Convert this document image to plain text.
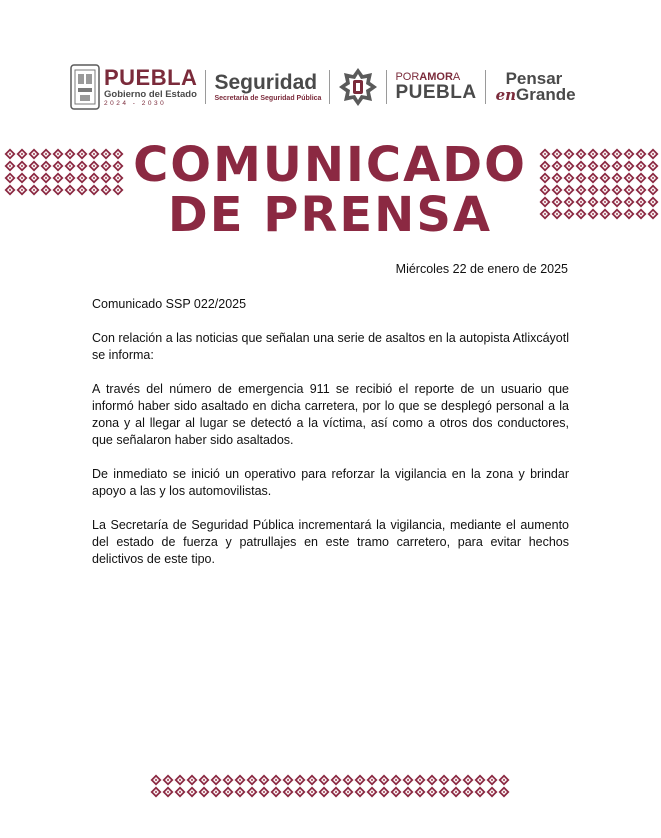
PUEBLA
Gobierno del Estado
2024 - 2030
Seguridad
Secretaría de Seguridad Pública
PORAMORA
PUEBLA
Pensar
enGrande
COMUNICADO
DE PRENSA
Miércoles 22 de enero de 2025

Comunicado SSP 022/2025

Con relación a las noticias que señalan una serie de asaltos en la autopista Atlixcáyotl se informa:

A través del número de emergencia 911 se recibió el reporte de un usuario que informó haber sido asaltado en dicha carretera, por lo que se desplegó personal a la zona y al llegar al lugar se detectó a la víctima, así como a otros dos conductores, que señalaron haber sido asaltados.

De inmediato se inició un operativo para reforzar la vigilancia en la zona y brindar apoyo a las y los automovilistas.

La Secretaría de Seguridad Pública incrementará la vigilancia, mediante el aumento del estado de fuerza y patrullajes en este tramo carretero, para evitar hechos delictivos de este tipo.
